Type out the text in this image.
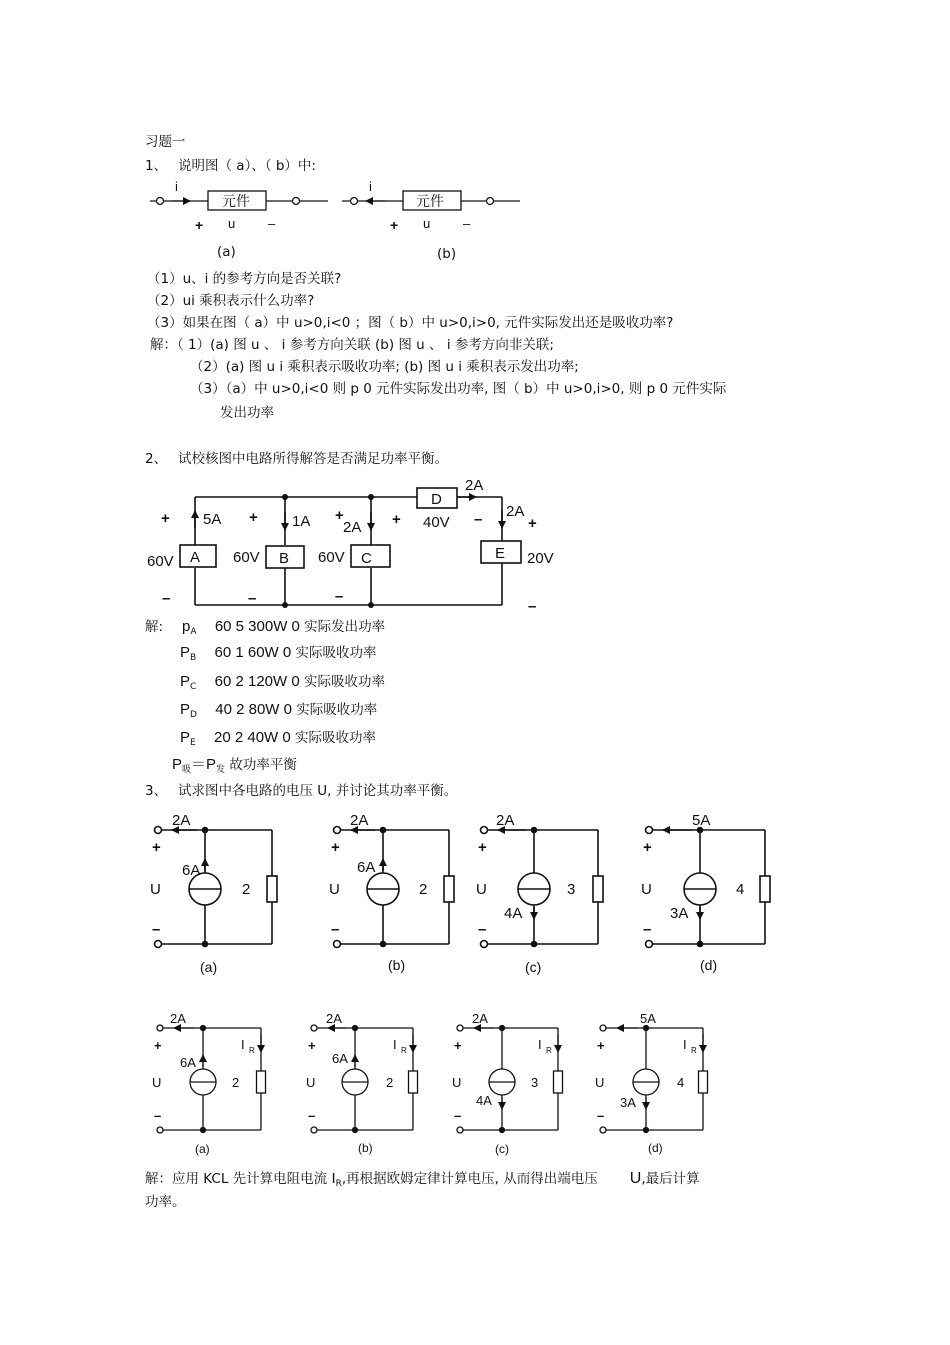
习题一
1、 说明图（ a）、（ b）中:
(a)	(b)
（1）u、i 的参考方向是否关联?
（2）ui 乘积表示什么功率?
（3）如果在图（ a）中 u>0,i<0 ；图（ b）中 u>0,i>0, 元件实际发出还是吸收功率?
解：（ 1）(a) 图 u 、 i 参考方向关联 (b) 图 u 、 i 参考方向非关联;
（2）(a) 图 u i 乘积表示吸收功率; (b) 图 u i 乘积表示发出功率;
（3）（a）中 u>0,i<0 则 p 0 元件实际发出功率, 图（ b）中 u>0,i>0, 则 p 0 元件实际
发出功率
2、 试校核图中电路所得解答是否满足功率平衡。
解: $p_A$ 60 5 300W 0 实际发出功率
$P_B$ 60 1 60W 0 实际吸收功率
$P_C$ 60 2 120W 0 实际吸收功率
$P_D$ 40 2 80W 0 实际吸收功率
$P_E$ 20 2 40W 0 实际吸收功率
$P_吸=P_发$ 故功率平衡
3、 试求图中各电路的电压 U, 并讨论其功率平衡。
解：应用 KCL 先计算电阻电流 $I_R$,再根据欧姆定律计算电压, 从而得出端电压 U,最后计算
功率。
元件
i
u
+	–
元件
i
u
+	–
A	B	C
D
E
5A	1A 2A
2A
2A
60V	60V	60V
40V
20V
+	+	+	+	+
–	–	–
–
–
2A
6A
2
U
+
–
(a)
2A
6A
2
U
+
–
(b)
2A
4A
3
U
+
–
(c)
5A
3A
4
U
+
–
(d)
2A
6A
2
U
+
–
(a)
I R
2A
6A
2
U
+
–
(b)
I R
2A
4A
3
U
+
–
(c)
I R
5A
3A
4
U
+
–
(d)
I R
